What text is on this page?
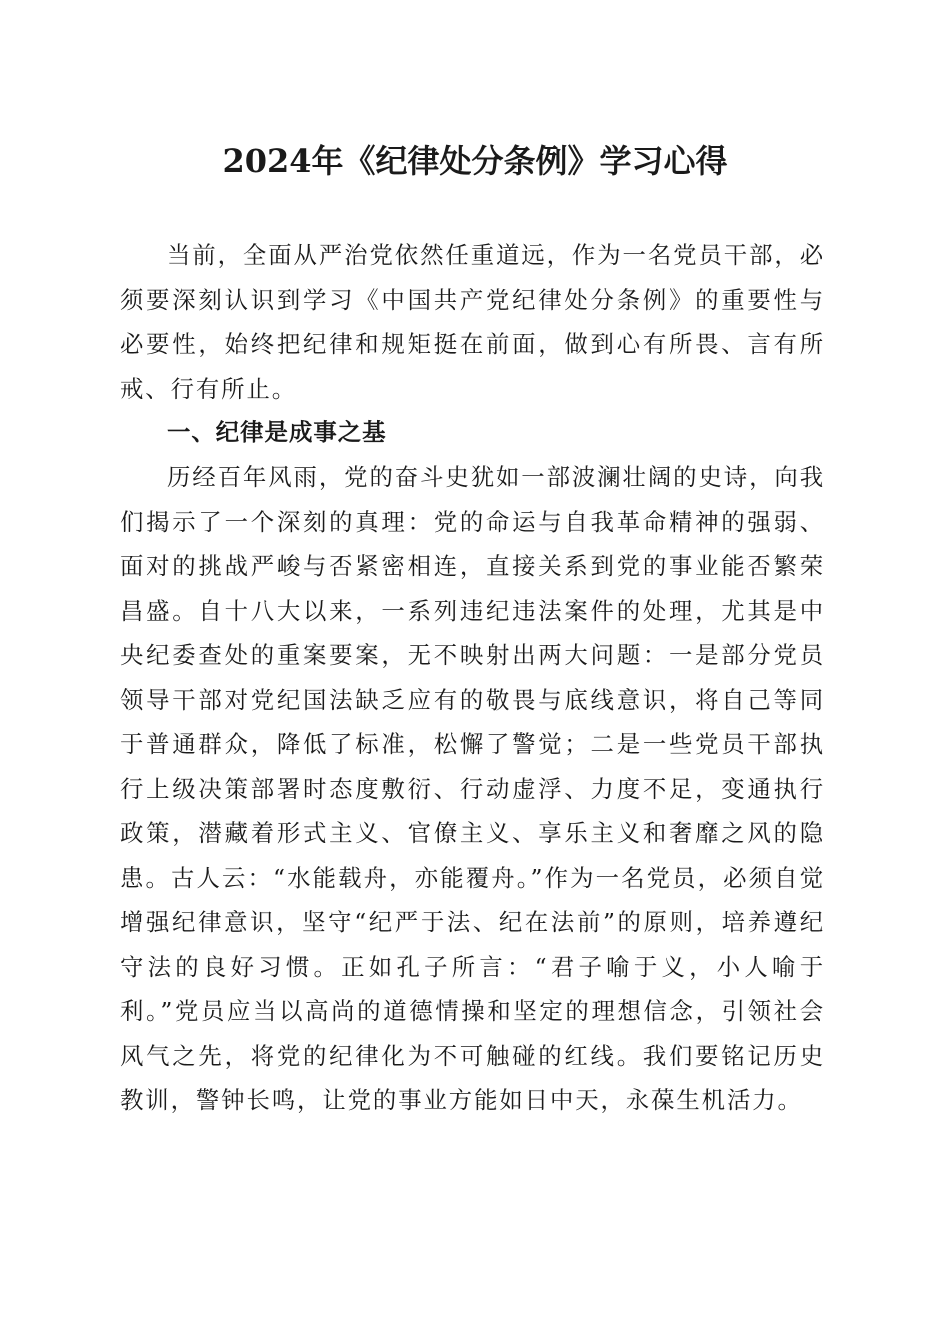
2024年《纪律处分条例》学习心得

当前，全面从严治党依然任重道远，作为一名党员干部，必须要深刻认识到学习《中国共产党纪律处分条例》的重要性与必要性，始终把纪律和规矩挺在前面，做到心有所畏、言有所戒、行有所止。

一、纪律是成事之基

历经百年风雨，党的奋斗史犹如一部波澜壮阔的史诗，向我们揭示了一个深刻的真理：党的命运与自我革命精神的强弱、面对的挑战严峻与否紧密相连，直接关系到党的事业能否繁荣昌盛。自十八大以来，一系列违纪违法案件的处理，尤其是中央纪委查处的重案要案，无不映射出两大问题：一是部分党员领导干部对党纪国法缺乏应有的敬畏与底线意识，将自己等同于普通群众，降低了标准，松懈了警觉；二是一些党员干部执行上级决策部署时态度敷衍、行动虚浮、力度不足，变通执行政策，潜藏着形式主义、官僚主义、享乐主义和奢靡之风的隐患。古人云：“水能载舟，亦能覆舟。”作为一名党员，必须自觉增强纪律意识，坚守“纪严于法、纪在法前”的原则，培养遵纪守法的良好习惯。正如孔子所言：“君子喻于义，小人喻于利。”党员应当以高尚的道德情操和坚定的理想信念，引领社会风气之先，将党的纪律化为不可触碰的红线。我们要铭记历史教训，警钟长鸣，让党的事业方能如日中天，永葆生机活力。
